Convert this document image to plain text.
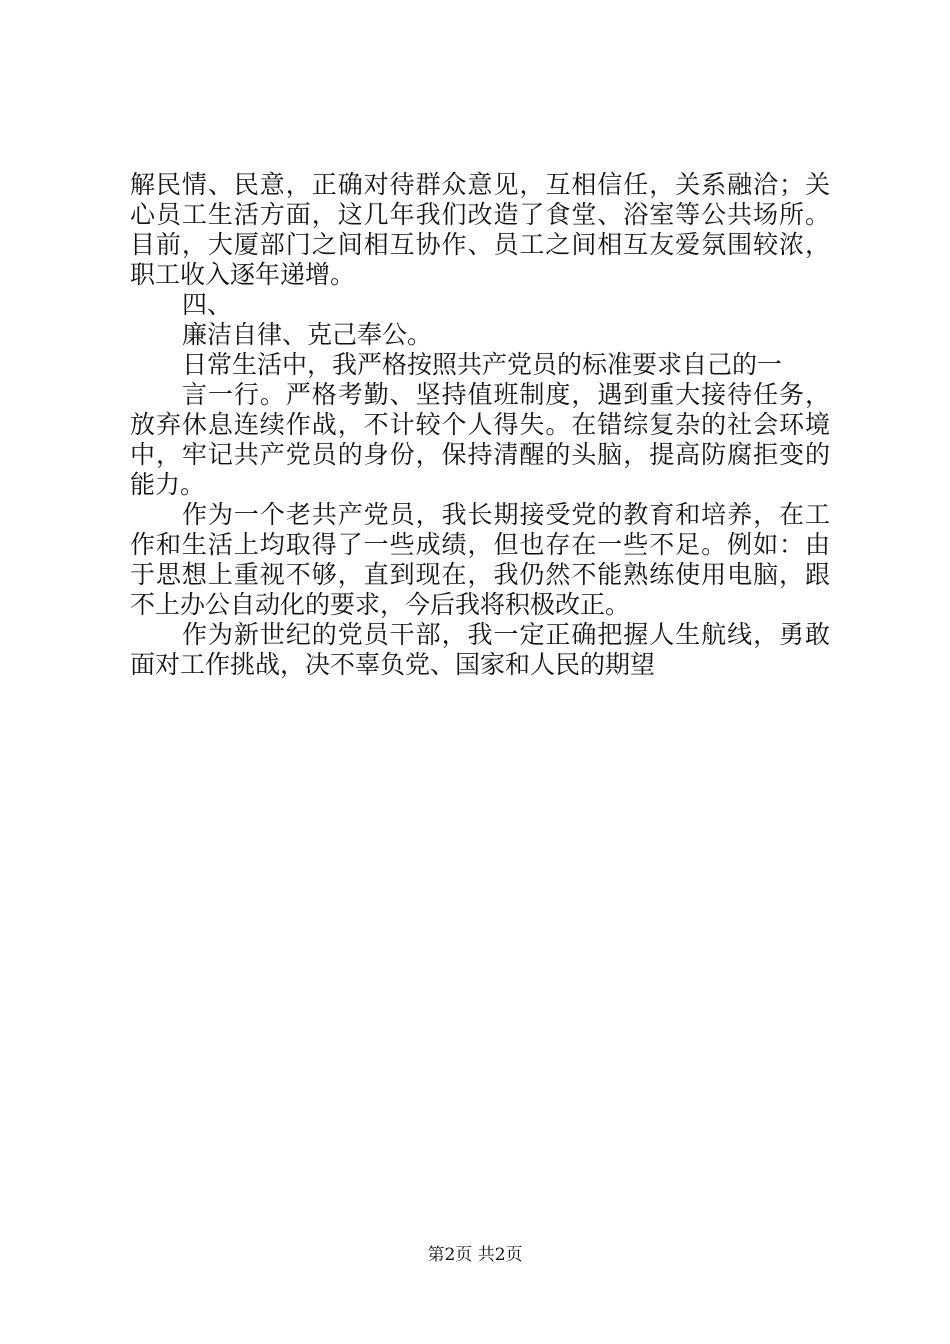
解民情、民意，正确对待群众意见，互相信任，关系融洽；关
心员工生活方面，这几年我们改造了食堂、浴室等公共场所。
目前，大厦部门之间相互协作、员工之间相互友爱氛围较浓，
职工收入逐年递增。
四、
廉洁自律、克己奉公。
日常生活中，我严格按照共产党员的标准要求自己的一
言一行。严格考勤、坚持值班制度，遇到重大接待任务，
放弃休息连续作战，不计较个人得失。在错综复杂的社会环境
中，牢记共产党员的身份，保持清醒的头脑，提高防腐拒变的
能力。
作为一个老共产党员，我长期接受党的教育和培养，在工
作和生活上均取得了一些成绩，但也存在一些不足。例如：由
于思想上重视不够，直到现在，我仍然不能熟练使用电脑，跟
不上办公自动化的要求，今后我将积极改正。
作为新世纪的党员干部，我一定正确把握人生航线，勇敢
面对工作挑战，决不辜负党、国家和人民的期望
第2页 共2页
